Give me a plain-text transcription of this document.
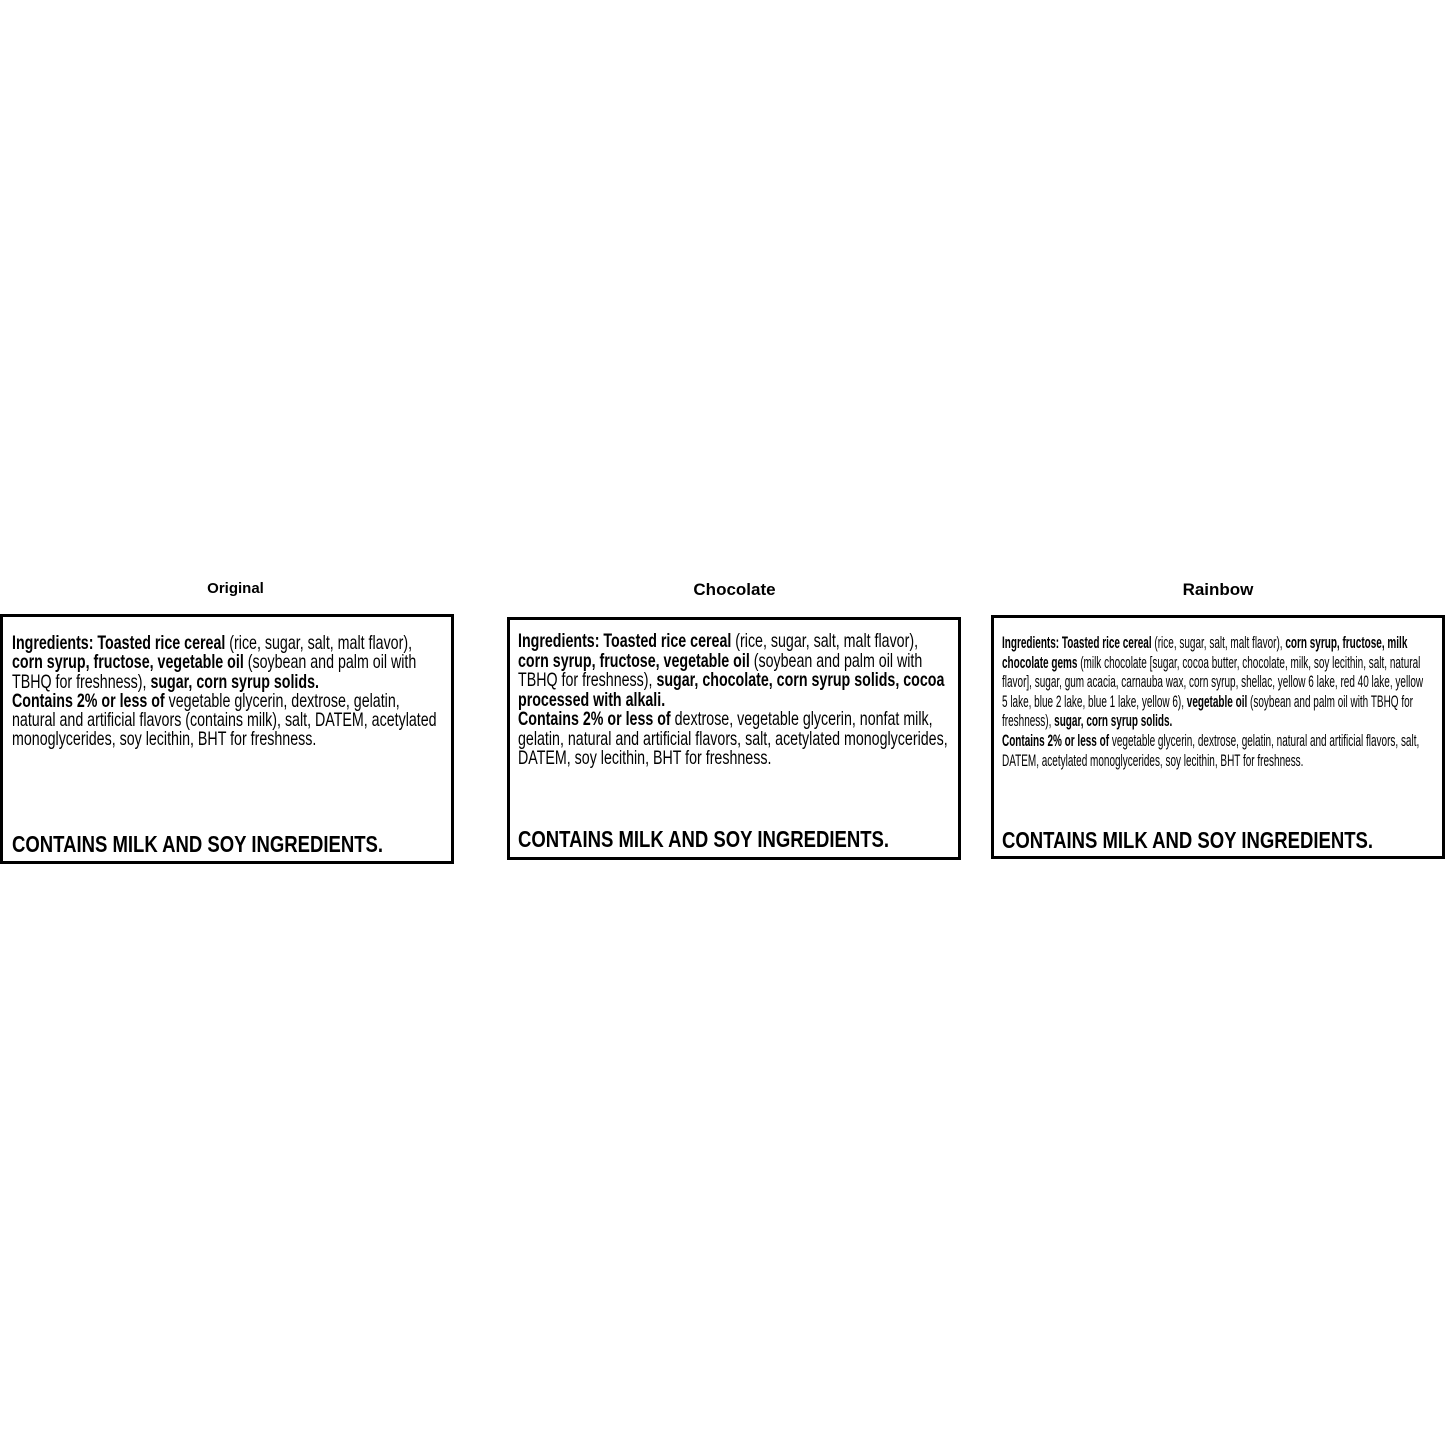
Original
Ingredients: Toasted rice cereal (rice, sugar, salt, malt flavor), corn syrup, fructose, vegetable oil (soybean and palm oil with TBHQ for freshness), sugar, corn syrup solids.
Contains 2% or less of vegetable glycerin, dextrose, gelatin, natural and artificial flavors (contains milk), salt, DATEM, acetylated monoglycerides, soy lecithin, BHT for freshness.
CONTAINS MILK AND SOY INGREDIENTS.
Chocolate
Ingredients: Toasted rice cereal (rice, sugar, salt, malt flavor), corn syrup, fructose, vegetable oil (soybean and palm oil with TBHQ for freshness), sugar, chocolate, corn syrup solids, cocoa processed with alkali.
Contains 2% or less of dextrose, vegetable glycerin, nonfat milk, gelatin, natural and artificial flavors, salt, acetylated monoglycerides, DATEM, soy lecithin, BHT for freshness.
CONTAINS MILK AND SOY INGREDIENTS.
Rainbow
Ingredients: Toasted rice cereal (rice, sugar, salt, malt flavor), corn syrup, fructose, milk chocolate gems (milk chocolate [sugar, cocoa butter, chocolate, milk, soy lecithin, salt, natural flavor], sugar, gum acacia, carnauba wax, corn syrup, shellac, yellow 6 lake, red 40 lake, yellow 5 lake, blue 2 lake, blue 1 lake, yellow 6), vegetable oil (soybean and palm oil with TBHQ for freshness), sugar, corn syrup solids.
Contains 2% or less of vegetable glycerin, dextrose, gelatin, natural and artificial flavors, salt, DATEM, acetylated monoglycerides, soy lecithin, BHT for freshness.
CONTAINS MILK AND SOY INGREDIENTS.
